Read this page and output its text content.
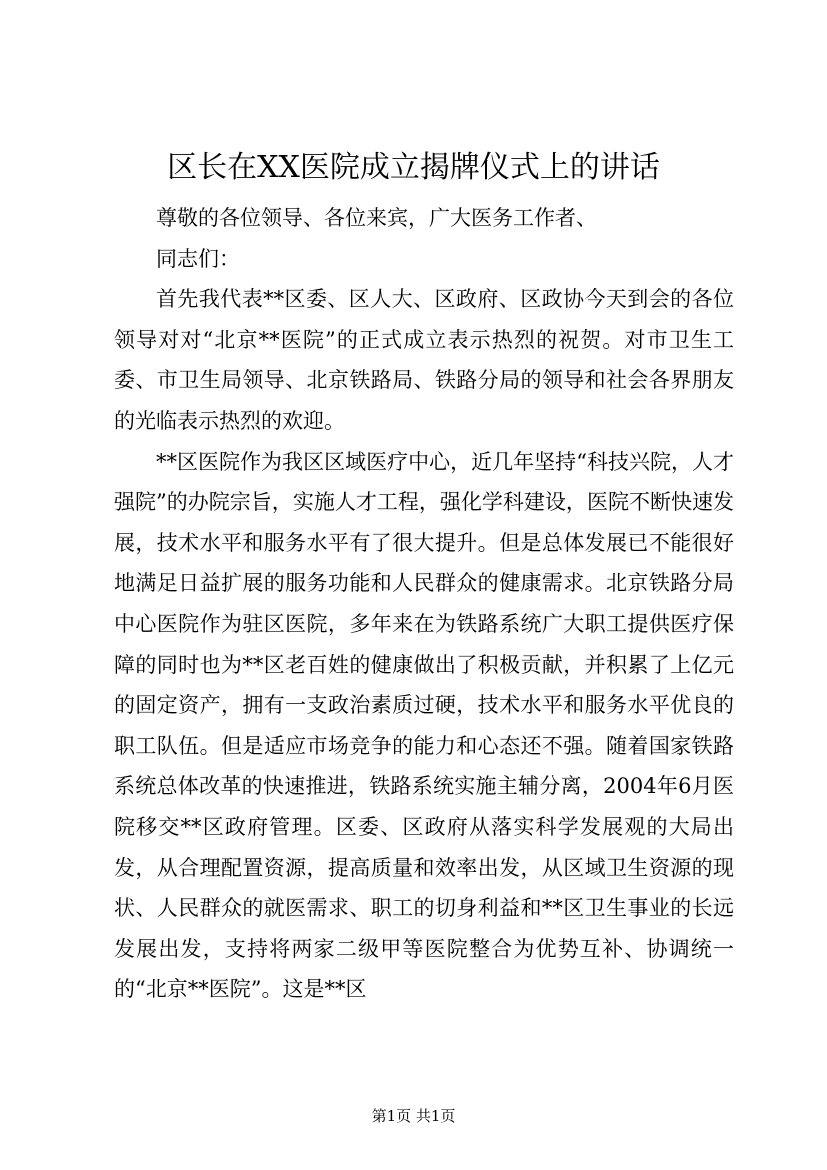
区长在XX医院成立揭牌仪式上的讲话

尊敬的各位领导、各位来宾，广大医务工作者、

同志们：

首先我代表**区委、区人大、区政府、区政协今天到会的各位领导对对“北京**医院”的正式成立表示热烈的祝贺。对市卫生工委、市卫生局领导、北京铁路局、铁路分局的领导和社会各界朋友的光临表示热烈的欢迎。

**区医院作为我区区域医疗中心，近几年坚持“科技兴院，人才强院”的办院宗旨，实施人才工程，强化学科建设，医院不断快速发展，技术水平和服务水平有了很大提升。但是总体发展已不能很好地满足日益扩展的服务功能和人民群众的健康需求。北京铁路分局中心医院作为驻区医院，多年来在为铁路系统广大职工提供医疗保障的同时也为**区老百姓的健康做出了积极贡献，并积累了上亿元的固定资产，拥有一支政治素质过硬，技术水平和服务水平优良的职工队伍。但是适应市场竞争的能力和心态还不强。随着国家铁路系统总体改革的快速推进，铁路系统实施主辅分离，2004年6月医院移交**区政府管理。区委、区政府从落实科学发展观的大局出发，从合理配置资源，提高质量和效率出发，从区域卫生资源的现状、人民群众的就医需求、职工的切身利益和**区卫生事业的长远发展出发，支持将两家二级甲等医院整合为优势互补、协调统一的“北京**医院”。这是**区

第1页 共1页
